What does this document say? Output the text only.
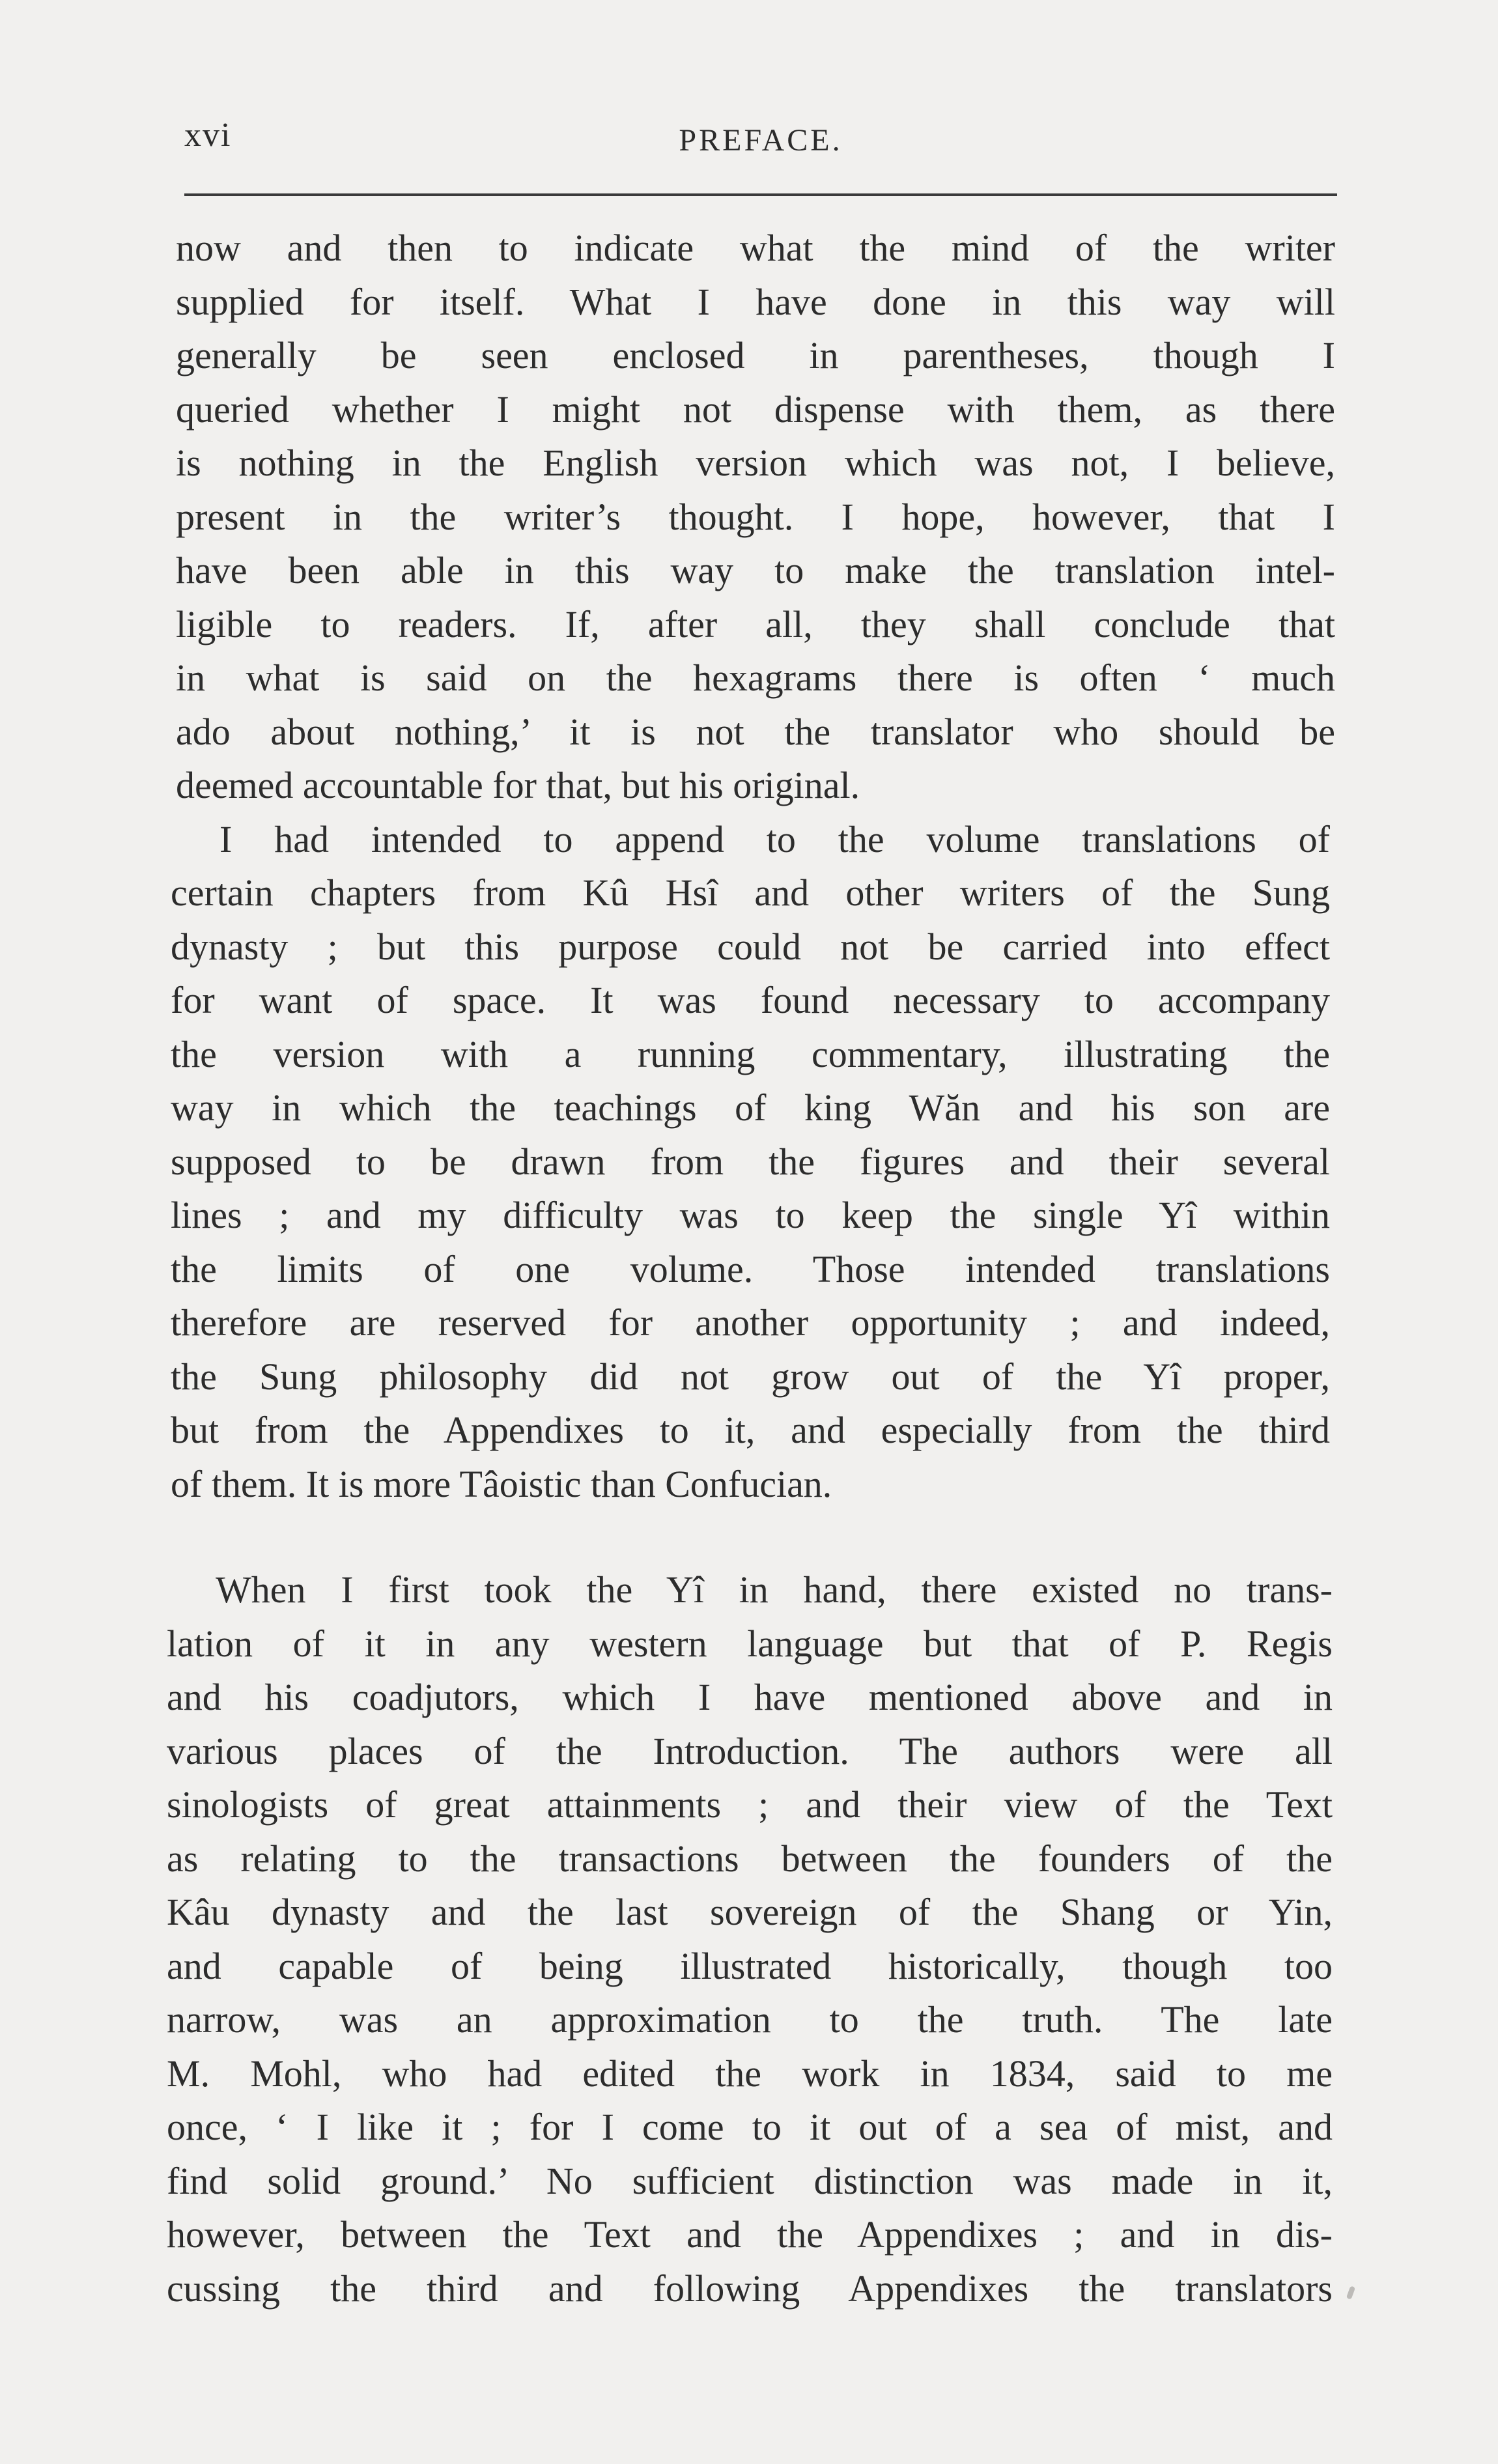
xvi	PREFACE.

now and then to indicate what the mind of the writer
supplied for itself. What I have done in this way will
generally be seen enclosed in parentheses, though I
queried whether I might not dispense with them, as there
is nothing in the English version which was not, I believe,
present in the writer’s thought. I hope, however, that I
have been able in this way to make the translation intel-
ligible to readers. If, after all, they shall conclude that
in what is said on the hexagrams there is often ‘ much
ado about nothing,’ it is not the translator who should be
deemed accountable for that, but his original.

I had intended to append to the volume translations of
certain chapters from Kû Hsî and other writers of the Sung
dynasty ; but this purpose could not be carried into effect
for want of space. It was found necessary to accompany
the version with a running commentary, illustrating the
way in which the teachings of king Wăn and his son are
supposed to be drawn from the figures and their several
lines ; and my difficulty was to keep the single Yî within
the limits of one volume. Those intended translations
therefore are reserved for another opportunity ; and indeed,
the Sung philosophy did not grow out of the Yî proper,
but from the Appendixes to it, and especially from the third
of them. It is more Tâoistic than Confucian.

When I first took the Yî in hand, there existed no trans-
lation of it in any western language but that of P. Regis
and his coadjutors, which I have mentioned above and in
various places of the Introduction. The authors were all
sinologists of great attainments ; and their view of the Text
as relating to the transactions between the founders of the
Kâu dynasty and the last sovereign of the Shang or Yin,
and capable of being illustrated historically, though too
narrow, was an approximation to the truth. The late
M. Mohl, who had edited the work in 1834, said to me
once, ‘ I like it ; for I come to it out of a sea of mist, and
find solid ground.’ No sufficient distinction was made in it,
however, between the Text and the Appendixes ; and in dis-
cussing the third and following Appendixes the translators
